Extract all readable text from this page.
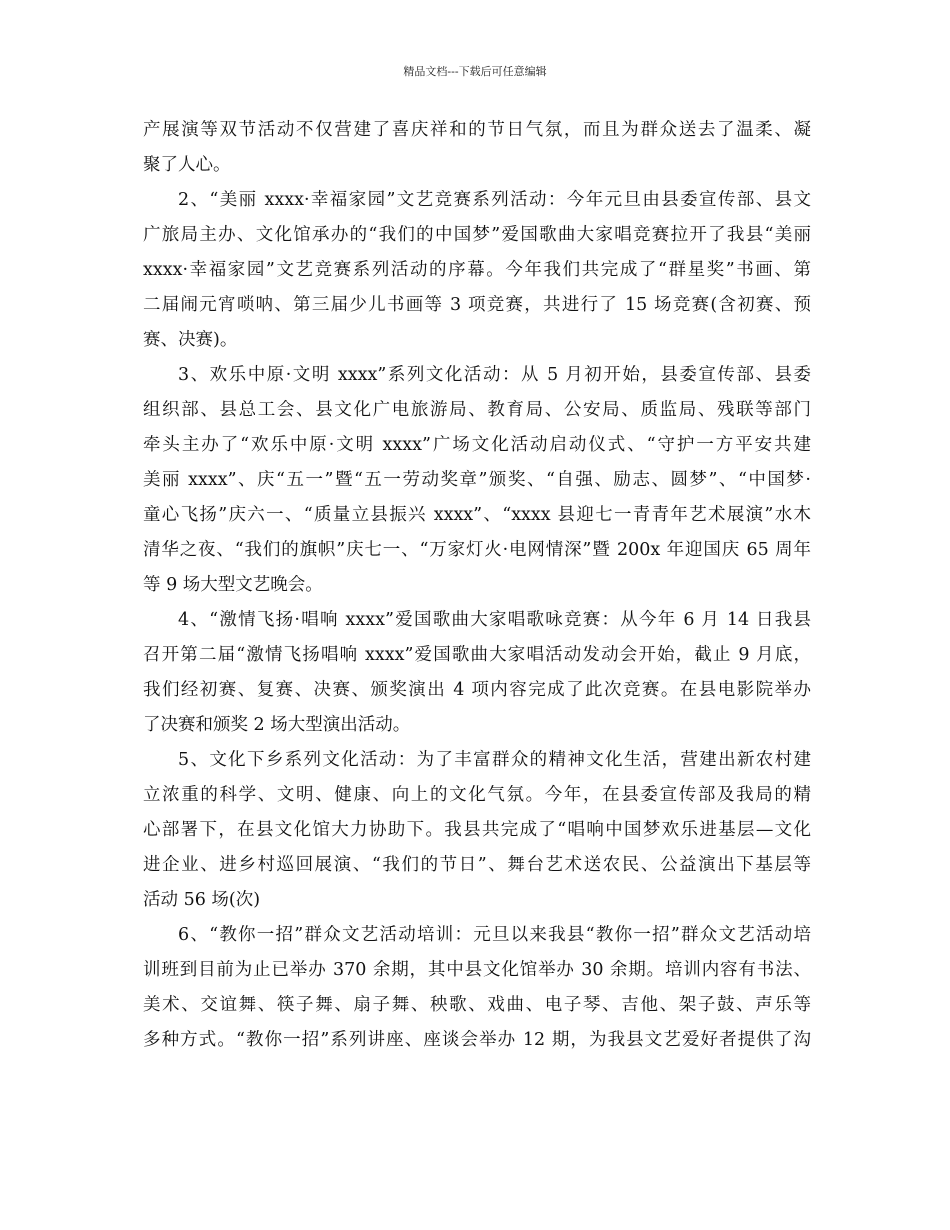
精品文档---下载后可任意编辑
产展演等双节活动不仅营建了喜庆祥和的节日气氛，而且为群众送去了温柔、凝
聚了人心。
2、“美丽 xxxx·幸福家园”文艺竞赛系列活动：今年元旦由县委宣传部、县文
广旅局主办、文化馆承办的“我们的中国梦”爱国歌曲大家唱竞赛拉开了我县“美丽
xxxx·幸福家园”文艺竞赛系列活动的序幕。今年我们共完成了“群星奖”书画、第
二届闹元宵唢呐、第三届少儿书画等 3 项竞赛，共进行了 15 场竞赛(含初赛、预
赛、决赛)。
3、欢乐中原·文明 xxxx”系列文化活动：从 5 月初开始，县委宣传部、县委
组织部、县总工会、县文化广电旅游局、教育局、公安局、质监局、残联等部门
牵头主办了“欢乐中原·文明 xxxx”广场文化活动启动仪式、“守护一方平安共建
美丽 xxxx”、庆“五一”暨“五一劳动奖章”颁奖、“自强、励志、圆梦”、“中国梦·
童心飞扬”庆六一、“质量立县振兴 xxxx”、“xxxx 县迎七一青青年艺术展演”水木
清华之夜、“我们的旗帜”庆七一、“万家灯火·电网情深”暨 200x 年迎国庆 65 周年
等 9 场大型文艺晚会。
4、“激情飞扬·唱响 xxxx”爱国歌曲大家唱歌咏竞赛：从今年 6 月 14 日我县
召开第二届“激情飞扬唱响 xxxx”爱国歌曲大家唱活动发动会开始，截止 9 月底，
我们经初赛、复赛、决赛、颁奖演出 4 项内容完成了此次竞赛。在县电影院举办
了决赛和颁奖 2 场大型演出活动。
5、文化下乡系列文化活动：为了丰富群众的精神文化生活，营建出新农村建
立浓重的科学、文明、健康、向上的文化气氛。今年，在县委宣传部及我局的精
心部署下，在县文化馆大力协助下。我县共完成了“唱响中国梦欢乐进基层—文化
进企业、进乡村巡回展演、“我们的节日”、舞台艺术送农民、公益演出下基层等
活动 56 场(次)
6、“教你一招”群众文艺活动培训：元旦以来我县“教你一招”群众文艺活动培
训班到目前为止已举办 370 余期，其中县文化馆举办 30 余期。培训内容有书法、
美术、交谊舞、筷子舞、扇子舞、秧歌、戏曲、电子琴、吉他、架子鼓、声乐等
多种方式。“教你一招”系列讲座、座谈会举办 12 期，为我县文艺爱好者提供了沟
